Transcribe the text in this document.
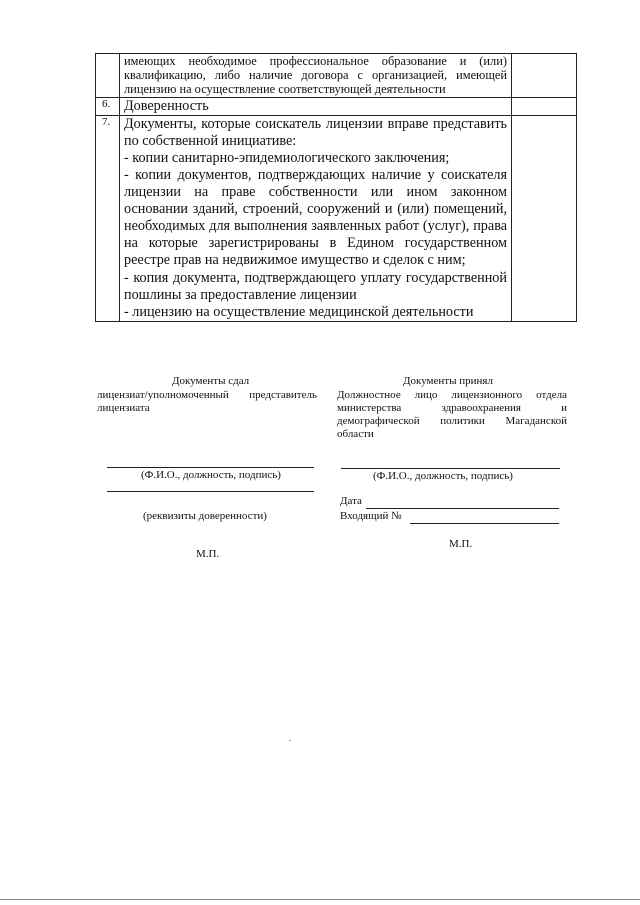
	имеющих необходимое профессиональное образование и (или) квалификацию, либо наличие договора с организацией, имеющей лицензию на осуществление соответствующей деятельности	

6.	Доверенность	

7.	Документы, которые соискатель лицензии вправе представить по собственной инициативе:

- копии санитарно-эпидемиологического заключения;

- копии документов, подтверждающих наличие у соискателя лицензии на праве собственности или ином законном основании зданий, строений, сооружений и (или) помещений, необходимых для выполнения заявленных работ (услуг), права на которые зарегистрированы в Едином государственном реестре прав на недвижимое имущество и сделок с ним;

- копия документа, подтверждающего уплату государственной пошлины за предоставление лицензии

- лицензию на осуществление медицинской деятельности	

Документы сдал
лицензиат/уполномоченный представитель лицензиата
(Ф.И.О., должность, подпись)
(реквизиты доверенности)
М.П.
Документы принял
Должностное лицо лицензионного отдела министерства здравоохранения и демографической политики Магаданской области
(Ф.И.О., должность, подпись)
Дата
Входящий №
М.П.
